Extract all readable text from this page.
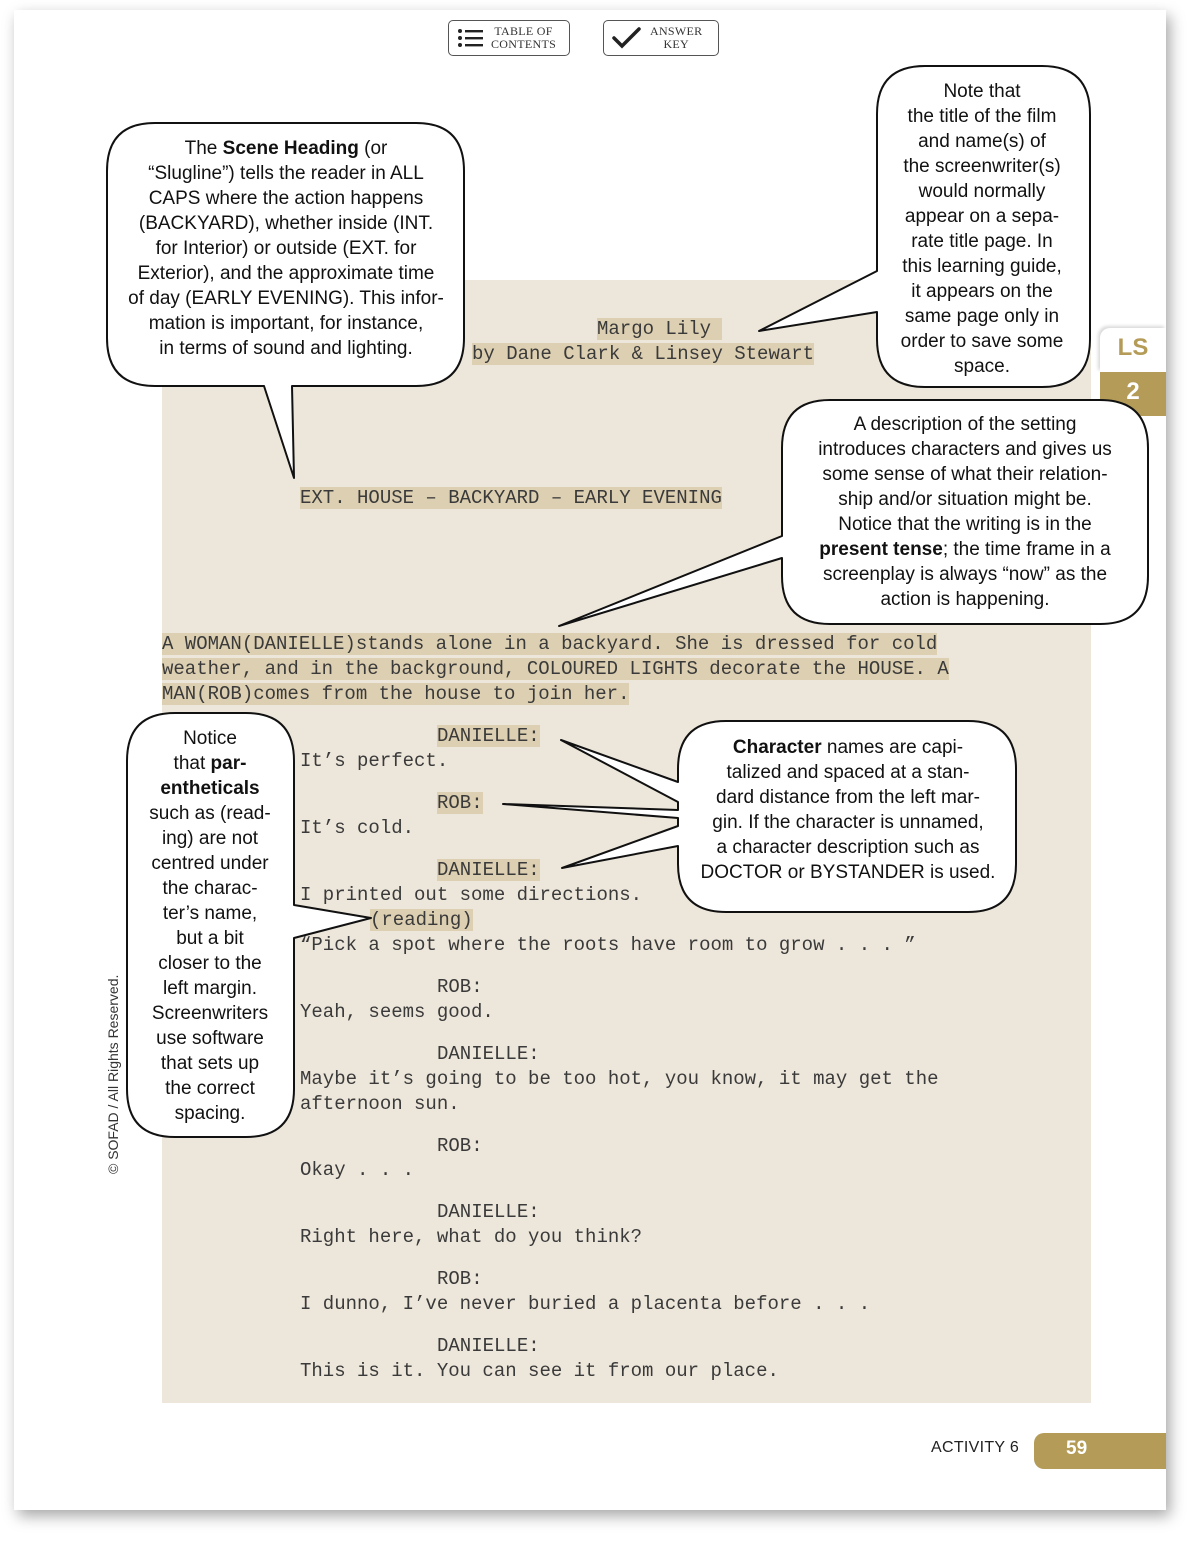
TABLE OF
CONTENTS
ANSWER
KEY
LS
2
Margo Lily
by Dane Clark & Linsey Stewart
EXT. HOUSE – BACKYARD – EARLY EVENING
A WOMAN(DANIELLE)stands alone in a backyard. She is dressed for cold
weather, and in the background, COLOURED LIGHTS decorate the HOUSE. A
MAN(ROB)comes from the house to join her.
DANIELLE:
It’s perfect.
ROB:
It’s cold.
DANIELLE:
I printed out some directions.
(reading)
“Pick a spot where the roots have room to grow . . . ”
ROB:
Yeah, seems good.
DANIELLE:
Maybe it’s going to be too hot, you know, it may get the
afternoon sun.
ROB:
Okay . . .
DANIELLE:
Right here, what do you think?
ROB:
I dunno, I’ve never buried a placenta before . . .
DANIELLE:
This is it. You can see it from our place.
The Scene Heading (or
“Slugline”) tells the reader in ALL
CAPS where the action happens
(BACKYARD), whether inside (INT.
for Interior) or outside (EXT. for
Exterior), and the approximate time
of day (EARLY EVENING). This infor-
mation is important, for instance,
in terms of sound and lighting.
Note that
the title of the film
and name(s) of
the screenwriter(s)
would normally
appear on a sepa-
rate title page. In
this learning guide,
it appears on the
same page only in
order to save some
space.
A description of the setting
introduces characters and gives us
some sense of what their relation-
ship and/or situation might be.
Notice that the writing is in the
present tense; the time frame in a
screenplay is always “now” as the
action is happening.
Notice
that par-
entheticals
such as (read-
ing) are not
centred under
the charac-
ter’s name,
but a bit
closer to the
left margin.
Screenwriters
use software
that sets up
the correct
spacing.
Character names are capi-
talized and spaced at a stan-
dard distance from the left mar-
gin. If the character is unnamed,
a character description such as
DOCTOR or BYSTANDER is used.
© SOFAD / All Rights Reserved.
ACTIVITY 6	59
